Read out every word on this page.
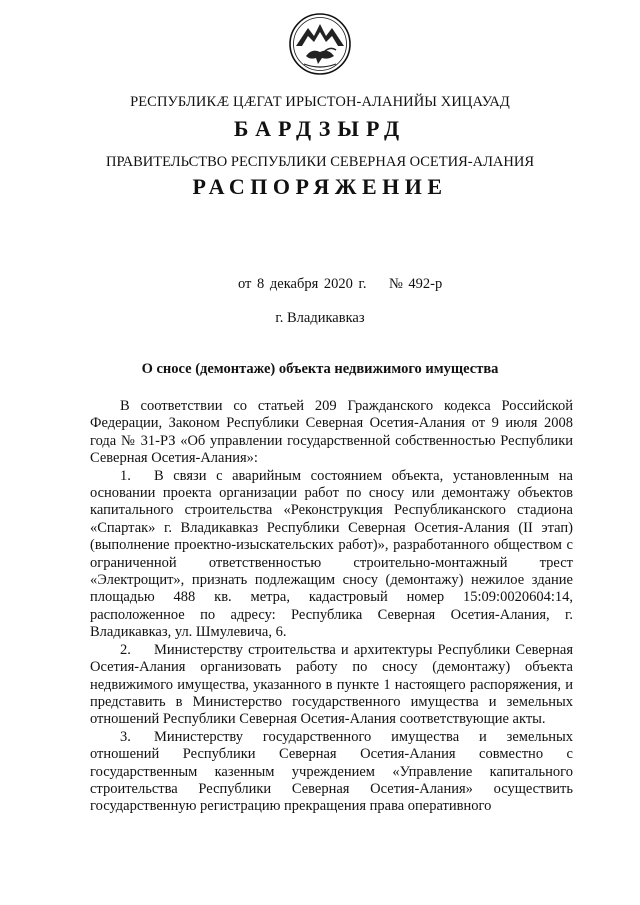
РЕСПУБЛИКӔ ЦӔГАТ ИРЫСТОН-АЛАНИЙЫ ХИЦАУАД
БАРДЗЫРД
ПРАВИТЕЛЬСТВО РЕСПУБЛИКИ СЕВЕРНАЯ ОСЕТИЯ-АЛАНИЯ
РАСПОРЯЖЕНИЕ
от 8 декабря 2020 г. № 492-р
г. Владикавказ
О сносе (демонтаже) объекта недвижимого имущества

В соответствии со статьей 209 Гражданского кодекса Российской Федерации, Законом Республики Северная Осетия-Алания от 9 июля 2008 года № 31-РЗ «Об управлении государственной собственностью Республики Северная Осетия-Алания»:

1. В связи с аварийным состоянием объекта, установленным на основании проекта организации работ по сносу или демонтажу объектов капитального строительства «Реконструкция Республиканского стадиона «Спартак» г. Владикавказ Республики Северная Осетия-Алания (II этап) (выполнение проектно-изыскательских работ)», разработанного обществом с ограниченной ответственностью строительно-монтажный трест «Электрощит», признать подлежащим сносу (демонтажу) нежилое здание площадью 488 кв. метра, кадастровый номер 15:09:0020604:14, расположенное по адресу: Республика Северная Осетия-Алания, г. Владикавказ, ул. Шмулевича, 6.

2. Министерству строительства и архитектуры Республики Северная Осетия-Алания организовать работу по сносу (демонтажу) объекта недвижимого имущества, указанного в пункте 1 настоящего распоряжения, и представить в Министерство государственного имущества и земельных отношений Республики Северная Осетия-Алания соответствующие акты.

3. Министерству государственного имущества и земельных отношений Республики Северная Осетия-Алания совместно с государственным казенным учреждением «Управление капитального строительства Республики Северная Осетия-Алания» осуществить государственную регистрацию прекращения права оперативного
